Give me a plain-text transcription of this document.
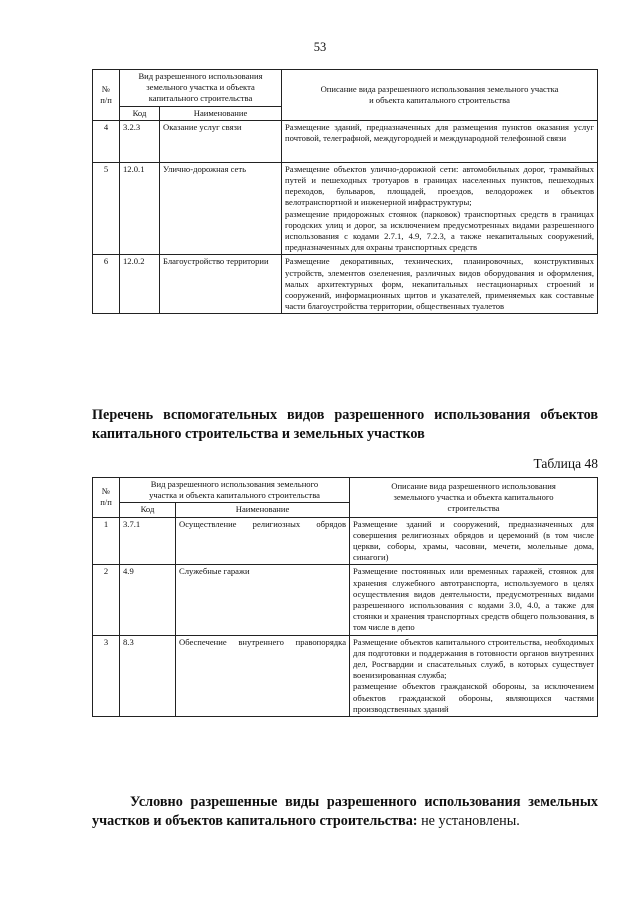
53
№
п/п	Вид разрешенного использования
земельного участка и объекта
капитального строительства		Описание вида разрешенного использования земельного участка
и объекта капитального строительства

	Код	Наименование	
4	3.2.3	Оказание услуг связи	Размещение зданий, предназначенных для размещения пунктов оказания услуг почтовой, телеграфной, междугородней и международной телефонной связи
5	12.0.1	Улично-дорожная сеть	Размещение объектов улично-дорожной сети: автомобильных дорог, трамвайных путей и пешеходных тротуаров в границах населенных пунктов, пешеходных переходов, бульваров, площадей, проездов, велодорожек и объектов велотранспортной и инженерной инфраструктуры;
размещение придорожных стоянок (парковок) транспортных средств в границах городских улиц и дорог, за исключением предусмотренных видами разрешенного использования с кодами 2.7.1, 4.9, 7.2.3, а также некапитальных сооружений, предназначенных для охраны транспортных средств

6	12.0.2	Благоустройство территории	Размещение декоративных, технических, планировочных, конструктивных устройств, элементов озеленения, различных видов оборудования и оформления, малых архитектурных форм, некапитальных нестационарных строений и сооружений, информационных щитов и указателей, применяемых как составные части благоустройства территории, общественных туалетов

Перечень вспомогательных видов разрешенного использования объектов капитального строительства и земельных участков

Таблица 48
№
п/п	Вид разрешенного использования земельного
участка и объекта капитального строительства		Описание вида разрешенного использования
земельного участка и объекта капитального
строительства

	Код	Наименование	
1	3.7.1	Осуществление религиозных обрядов	Размещение зданий и сооружений, предназначенных для совершения религиозных обрядов и церемоний (в том числе церкви, соборы, храмы, часовни, мечети, молельные дома, синагоги)
2	4.9	Служебные гаражи	Размещение постоянных или временных гаражей, стоянок для хранения служебного автотранспорта, используемого в целях осуществления видов деятельности, предусмотренных видами разрешенного использования с кодами 3.0, 4.0, а также для стоянки и хранения транспортных средств общего пользования, в том числе в депо
3	8.3	Обеспечение внутреннего правопорядка	Размещение объектов капитального строительства, необходимых для подготовки и поддержания в готовности органов внутренних дел, Росгвардии и спасательных служб, в которых существует военизированная служба;
размещение объектов гражданской обороны, за исключением объектов гражданской обороны, являющихся частями производственных зданий

Условно разрешенные виды разрешенного использования земельных участков и объектов капитального строительства: не установлены.
